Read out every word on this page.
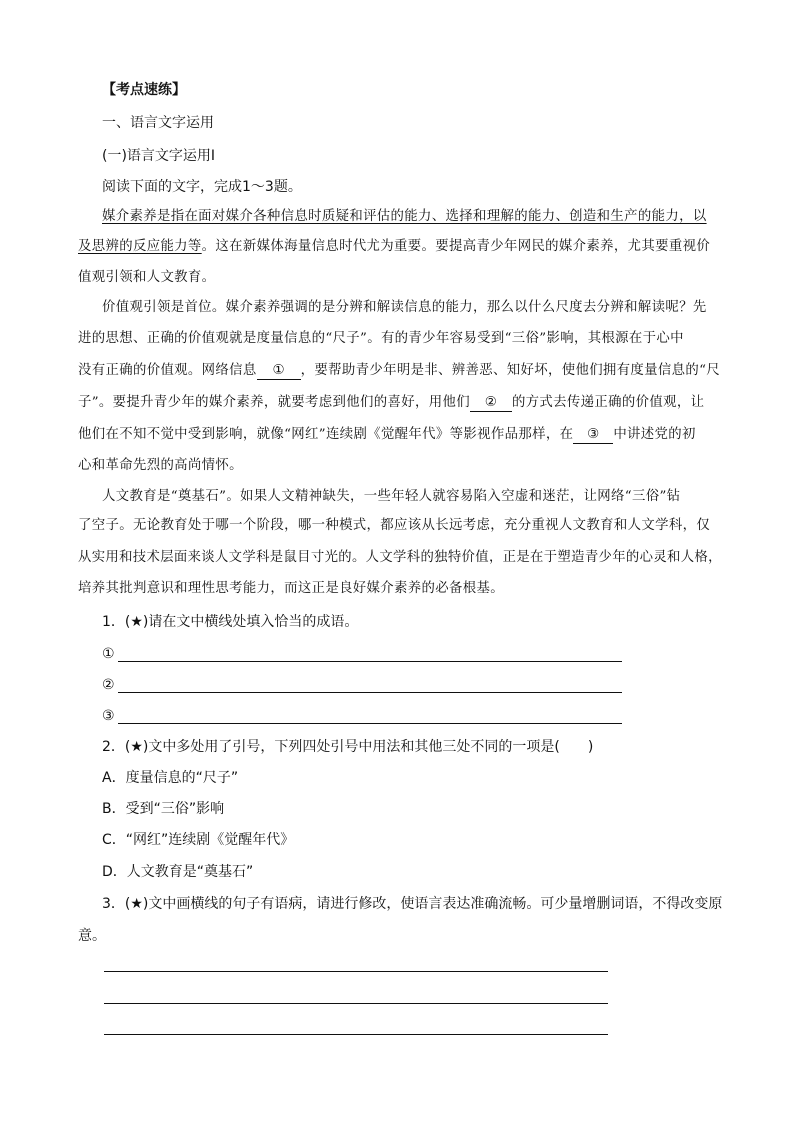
【考点速练】
一、语言文字运用
(一)语言文字运用Ⅰ
阅读下面的文字，完成1～3题。
媒介素养是指在面对媒介各种信息时质疑和评估的能力、选择和理解的能力、创造和生产的能力，以
及思辨的反应能力等。这在新媒体海量信息时代尤为重要。要提高青少年网民的媒介素养，尤其要重视价
值观引领和人文教育。
价值观引领是首位。媒介素养强调的是分辨和解读信息的能力，那么以什么尺度去分辨和解读呢？先
进的思想、正确的价值观就是度量信息的“尺子”。有的青少年容易受到“三俗”影响，其根源在于心中
没有正确的价值观。网络信息 ① ，要帮助青少年明是非、辨善恶、知好坏，使他们拥有度量信息的“尺
子”。要提升青少年的媒介素养，就要考虑到他们的喜好，用他们 ② 的方式去传递正确的价值观，让
他们在不知不觉中受到影响，就像“网红”连续剧《觉醒年代》等影视作品那样，在 ③ 中讲述党的初
心和革命先烈的高尚情怀。
人文教育是“奠基石”。如果人文精神缺失，一些年轻人就容易陷入空虚和迷茫，让网络“三俗”钻
了空子。无论教育处于哪一个阶段，哪一种模式，都应该从长远考虑，充分重视人文教育和人文学科，仅
从实用和技术层面来谈人文学科是鼠目寸光的。人文学科的独特价值，正是在于塑造青少年的心灵和人格，
培养其批判意识和理性思考能力，而这正是良好媒介素养的必备根基。
1．(★)请在文中横线处填入恰当的成语。
①
②
③
2．(★)文中多处用了引号，下列四处引号中用法和其他三处不同的一项是(　　)
A．度量信息的“尺子”
B．受到“三俗”影响
C．“网红”连续剧《觉醒年代》
D．人文教育是“奠基石”
3．(★)文中画横线的句子有语病，请进行修改，使语言表达准确流畅。可少量增删词语，不得改变原
意。
